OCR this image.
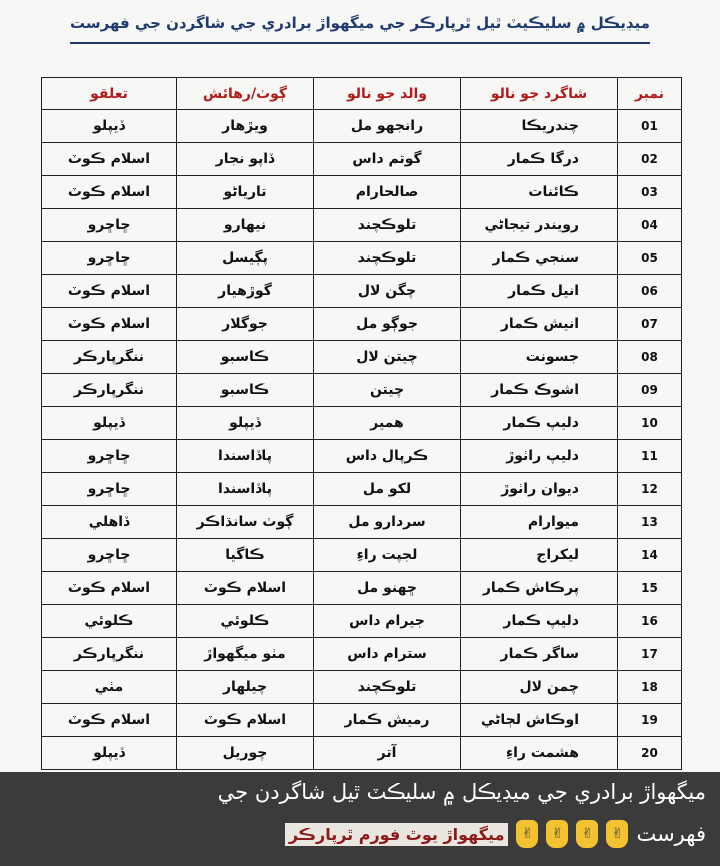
ميڊيڪل ۾ سليڪيٽ ٿيل ٿرپارڪر جي ميگھواڙ برادري جي شاگردن جي فهرست
نمبر	شاگرد جو نالو	والد جو نالو	ڳوٺ/رهائش	تعلقو
01	چندريڪا	رانجهو مل	ويڙهار	ڏيپلو
02	درگا ڪمار	گوتم داس	ڏاپو نجار	اسلام ڪوٽ
03	ڪائنات	صالحارام	تارياڻو	اسلام ڪوٽ
04	رويندر تيجاڻي	تلوڪچند	نيهارو	ڇاڇرو
05	سنجي ڪمار	تلوڪچند	پڳيسل	ڇاڇرو
06	انيل ڪمار	چگن لال	گوڙهيار	اسلام ڪوٽ
07	انيش ڪمار	جوڳو مل	جوگلار	اسلام ڪوٽ
08	جسونت	چيتن لال	ڪاسبو	ننگرپارڪر
09	اشوڪ ڪمار	چيتن	ڪاسبو	ننگرپارڪر
10	دليپ ڪمار	همير	ڏيپلو	ڏيپلو
11	دليپ راٺوڙ	ڪرپال داس	پاڏاسندا	ڇاڇرو
12	ديوان راٺوڙ	لکو مل	پاڏاسندا	ڇاڇرو
13	ميوارام	سردارو مل	ڳوٺ سانڌاڪر	ڏاهلي
14	ليکراج	لجپت راءِ	ڪاگيا	ڇاڇرو
15	پرڪاش ڪمار	ڇهنو مل	اسلام ڪوٽ	اسلام ڪوٽ
16	دليپ ڪمار	جيرام داس	ڪلوئي	ڪلوئي
17	ساگر ڪمار	سترام داس	مٺو ميگھواڙ	ننگرپارڪر
18	چمن لال	تلوڪچند	چيلهار	مٺي
19	اوڪاش لڄاڻي	رميش ڪمار	اسلام ڪوٽ	اسلام ڪوٽ
20	هشمت راءِ	آتر	چوريل	ڏيپلو
ميگھواڙ برادري جي ميڊيڪل ۾ سليڪٽ ٿيل شاگردن جي
فهرست
✌
✌
✌
✌
ميگھواڙ يوٿ فورم ٿرپارڪر
